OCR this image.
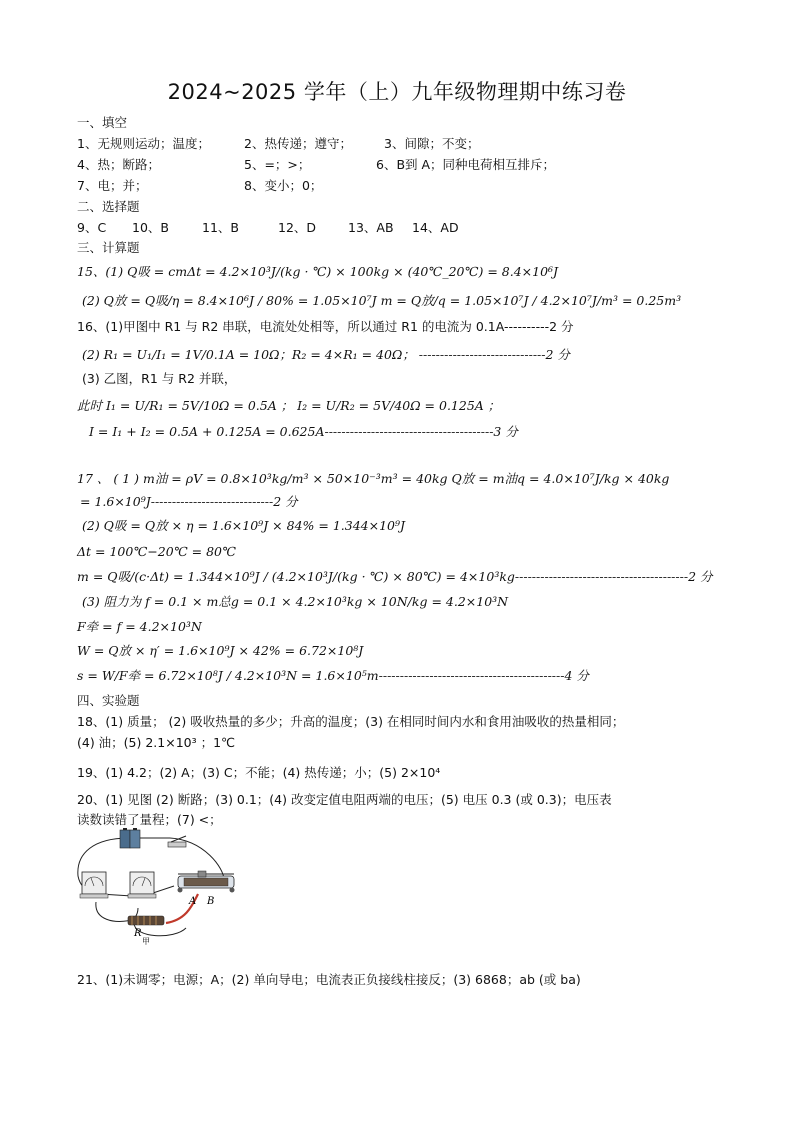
2024~2025 学年（上）九年级物理期中练习卷
一、填空
1、无规则运动；温度；	2、热传递；遵守；	3、间隙；不变；
4、热；断路；	5、=；>；	6、B到 A；同种电荷相互排斥；
7、电；并；	8、变小；0；
二、选择题
9、C 10、B	11、B	12、D	13、AB 14、AD
三、计算题
15、(1) Q吸 = cmΔt = 4.2×10³J/(kg · ℃) × 100kg × (40℃_20℃) = 8.4×10⁶J
(2) Q放 = Q吸/η = 8.4×10⁶J / 80% = 1.05×10⁷J m = Q放/q = 1.05×10⁷J / 4.2×10⁷J/m³ = 0.25m³
16、(1)甲图中 R1 与 R2 串联，电流处处相等，所以通过 R1 的电流为 0.1A----------2 分
(2) R₁ = U₁/I₁ = 1V/0.1A = 10Ω；R₂ = 4×R₁ = 40Ω； ------------------------------2 分
(3) 乙图，R1 与 R2 并联，
此时 I₁ = U/R₁ = 5V/10Ω = 0.5A ； I₂ = U/R₂ = 5V/40Ω = 0.125A ；
I = I₁ + I₂ = 0.5A + 0.125A = 0.625A----------------------------------------3 分
17 、 ( 1 ) m油 = ρV = 0.8×10³kg/m³ × 50×10⁻³m³ = 40kg Q放 = m油q = 4.0×10⁷J/kg × 40kg
= 1.6×10⁹J-----------------------------2 分
(2) Q吸 = Q放 × η = 1.6×10⁹J × 84% = 1.344×10⁹J
Δt = 100℃−20℃ = 80℃
m = Q吸/(c·Δt) = 1.344×10⁹J / (4.2×10³J/(kg · ℃) × 80℃) = 4×10³kg-----------------------------------------2 分
(3) 阻力为 f = 0.1 × m总g = 0.1 × 4.2×10³kg × 10N/kg = 4.2×10³N
F牵 = f = 4.2×10³N
W = Q放 × η′ = 1.6×10⁹J × 42% = 6.72×10⁸J
s = W/F牵 = 6.72×10⁸J / 4.2×10³N = 1.6×10⁵m--------------------------------------------4 分
四、实验题
18、(1) 质量； (2) 吸收热量的多少；升高的温度；(3) 在相同时间内水和食用油吸收的热量相同；
(4) 油；(5) 2.1×10³ ；1℃
19、(1) 4.2；(2) A；(3) C；不能；(4) 热传递；小；(5) 2×10⁴
20、(1) 见图 (2) 断路；(3) 0.1；(4) 改变定值电阻两端的电压；(5) 电压 0.3 (或 0.3)；电压表
读数读错了量程；(7) <；
A B
R
甲
21、(1)未调零；电源；A；(2) 单向导电；电流表正负接线柱接反；(3) 6868；ab (或 ba)
